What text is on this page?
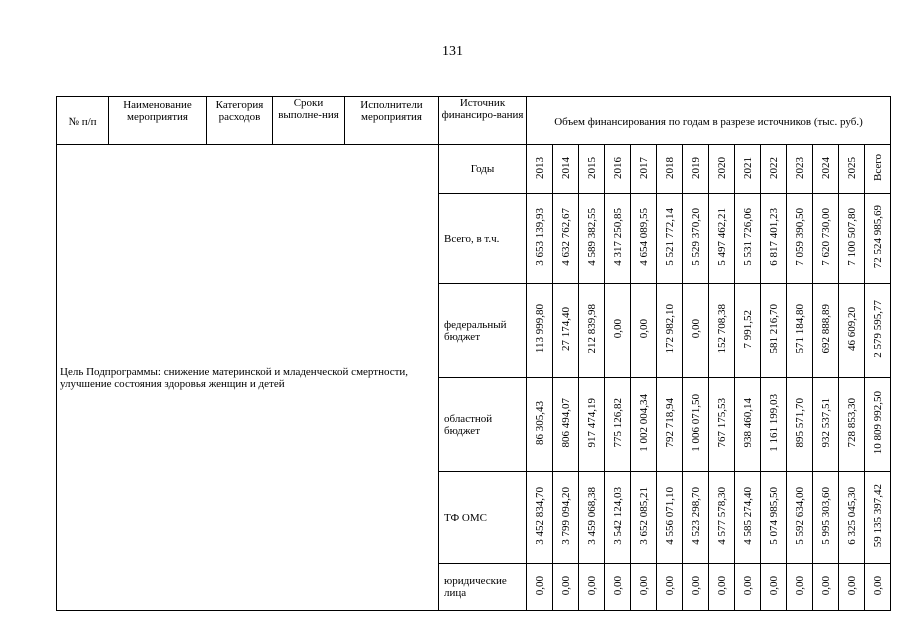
131
№ п/п	Наименование мероприятия	Категория расходов	Сроки выполне-ния	Исполнители мероприятия	Источник финансиро-вания	Объем финансирования по годам в разрезе источников (тыс. руб.)													
Цель Подпрограммы: снижение материнской и младенческой смертности, улучшение состояния здоровья женщин и детей					Годы	2013	2014	2015	2016	2017	2018	2019	2020	2021	2022	2023	2024	2025	Всего
					Всего, в т.ч.	3 653 139,93	4 632 762,67	4 589 382,55	4 317 250,85	4 654 089,55	5 521 772,14	5 529 370,20	5 497 462,21	5 531 726,06	6 817 401,23	7 059 390,50	7 620 730,00	7 100 507,80	72 524 985,69
					федеральный бюджет	113 999,80	27 174,40	212 839,98	0,00	0,00	172 982,10	0,00	152 708,38	7 991,52	581 216,70	571 184,80	692 888,89	46 609,20	2 579 595,77
					областной бюджет	86 305,43	806 494,07	917 474,19	775 126,82	1 002 004,34	792 718,94	1 006 071,50	767 175,53	938 460,14	1 161 199,03	895 571,70	932 537,51	728 853,30	10 809 992,50
					ТФ ОМС	3 452 834,70	3 799 094,20	3 459 068,38	3 542 124,03	3 652 085,21	4 556 071,10	4 523 298,70	4 577 578,30	4 585 274,40	5 074 985,50	5 592 634,00	5 995 303,60	6 325 045,30	59 135 397,42
					юридические лица	0,00	0,00	0,00	0,00	0,00	0,00	0,00	0,00	0,00	0,00	0,00	0,00	0,00	0,00
